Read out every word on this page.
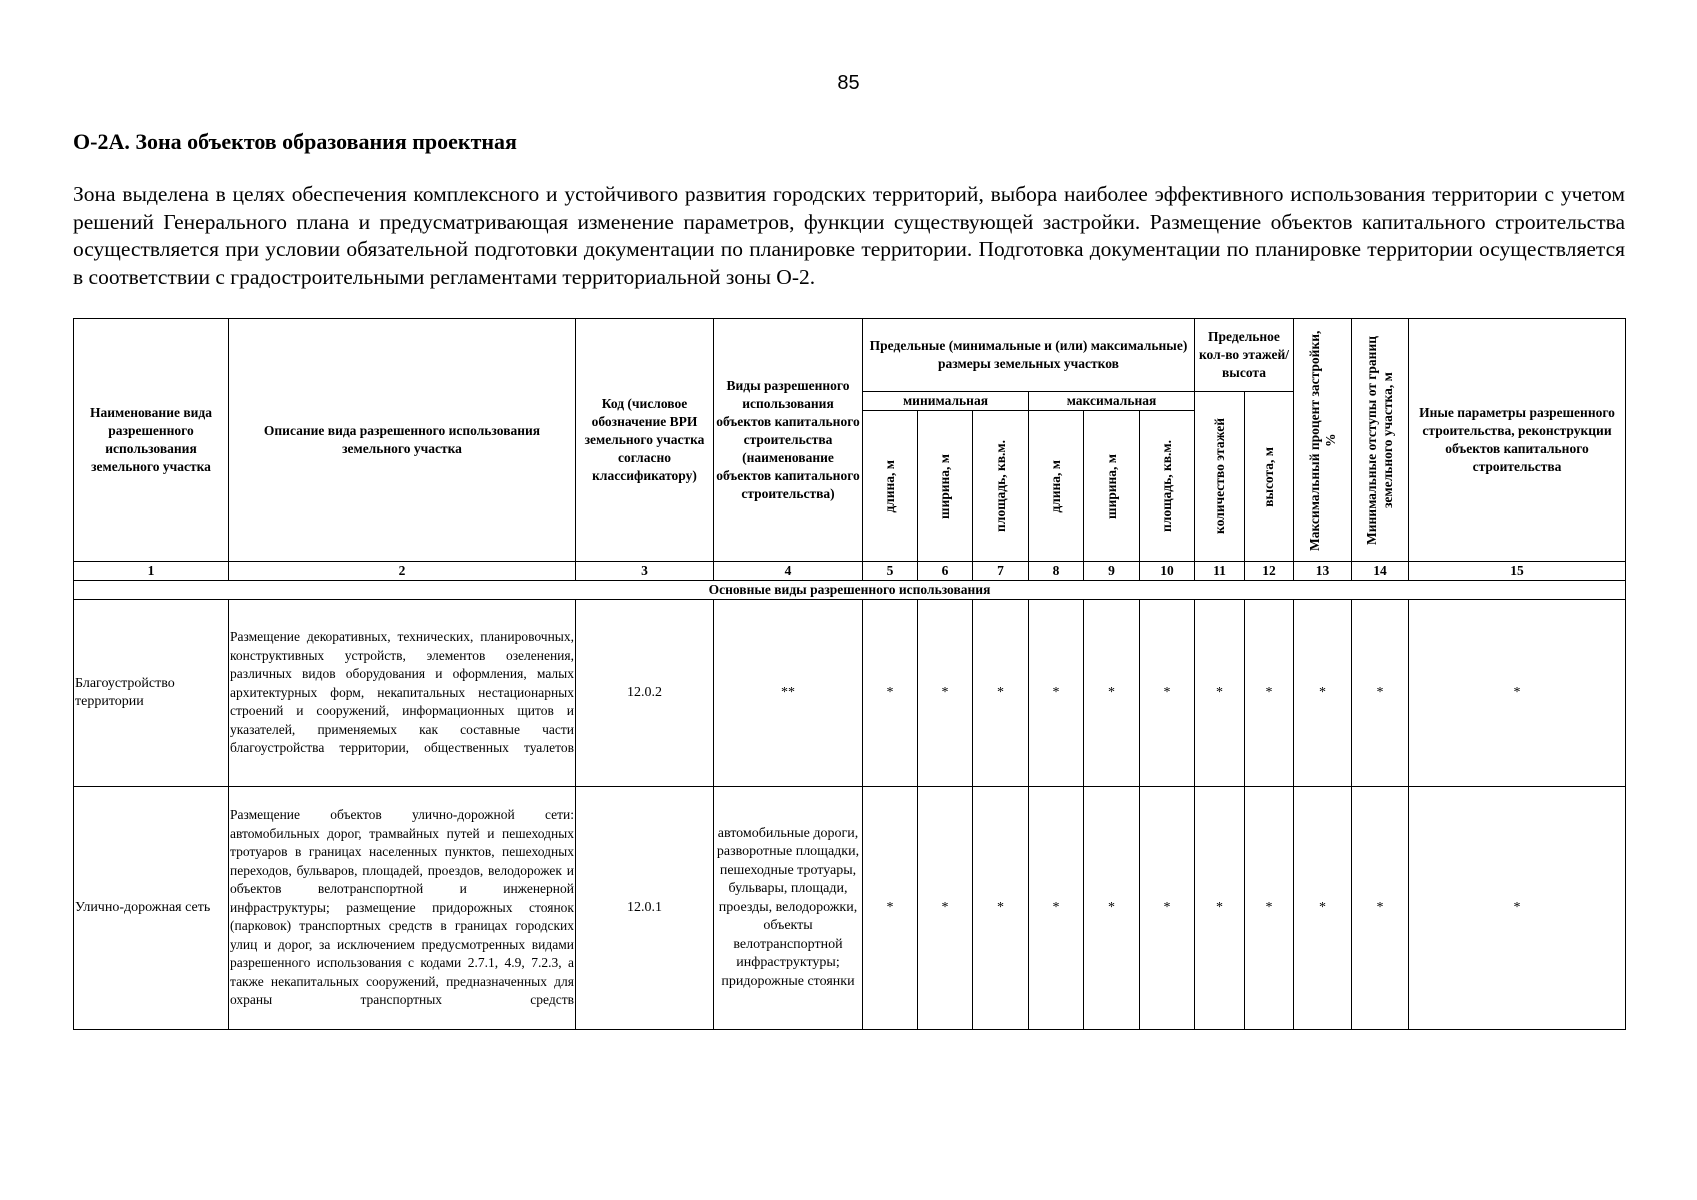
85
О-2А. Зона объектов образования проектная
Зона выделена в целях обеспечения комплексного и устойчивого развития городских территорий, выбора наиболее эффективного использования территории с учетом решений Генерального плана и предусматривающая изменение параметров, функции существующей застройки. Размещение объектов капитального строительства осуществляется при условии обязательной подготовки документации по планировке территории. Подготовка документации по планировке территории осуществляется в соответствии с градостроительными регламентами территориальной зоны О-2.
Наименование вида разрешенного использования земельного участка	Описание вида разрешенного использования земельного участка	Код (числовое обозначение ВРИ земельного участка согласно классификатору)	Виды разрешенного использования объектов капитального строительства (наименование объектов капитального строительства)	Предельные (минимальные и (или) максимальные) размеры земельных участков						Предельное кол-во этажей/ высота		Максимальный процент застройки, %	Минимальные отступы от границ земельного участка, м	Иные параметры разрешенного строительства, реконструкции объектов капитального строительства
				минимальная			максимальная			количество этажей	высота, м			

				длина, м	ширина, м	площадь, кв.м.	длина, м	ширина, м	площадь, кв.м.					

1	2	3	4	5	6	7	8	9	10	11	12	13	14	15
Основные виды разрешенного использования														
Благоустройство территории	Размещение декоративных, технических, планировочных, конструктивных устройств, элементов озеленения, различных видов оборудования и оформления, малых архитектурных форм, некапитальных нестационарных строений и сооружений, информационных щитов и указателей, применяемых как составные части благоустройства территории, общественных туалетов	12.0.2	**	*	*	*	*	*	*	*	*	*	*	*
Улично-дорожная сеть	Размещение объектов улично-дорожной сети: автомобильных дорог, трамвайных путей и пешеходных тротуаров в границах населенных пунктов, пешеходных переходов, бульваров, площадей, проездов, велодорожек и объектов велотранспортной и инженерной инфраструктуры; размещение придорожных стоянок (парковок) транспортных средств в границах городских улиц и дорог, за исключением предусмотренных видами разрешенного использования с кодами 2.7.1, 4.9, 7.2.3, а также некапитальных сооружений, предназначенных для охраны транспортных средств	12.0.1	автомобильные дороги, разворотные площадки, пешеходные тротуары, бульвары, площади, проезды, велодорожки, объекты велотранспортной инфраструктуры; придорожные стоянки	*	*	*	*	*	*	*	*	*	*	*
